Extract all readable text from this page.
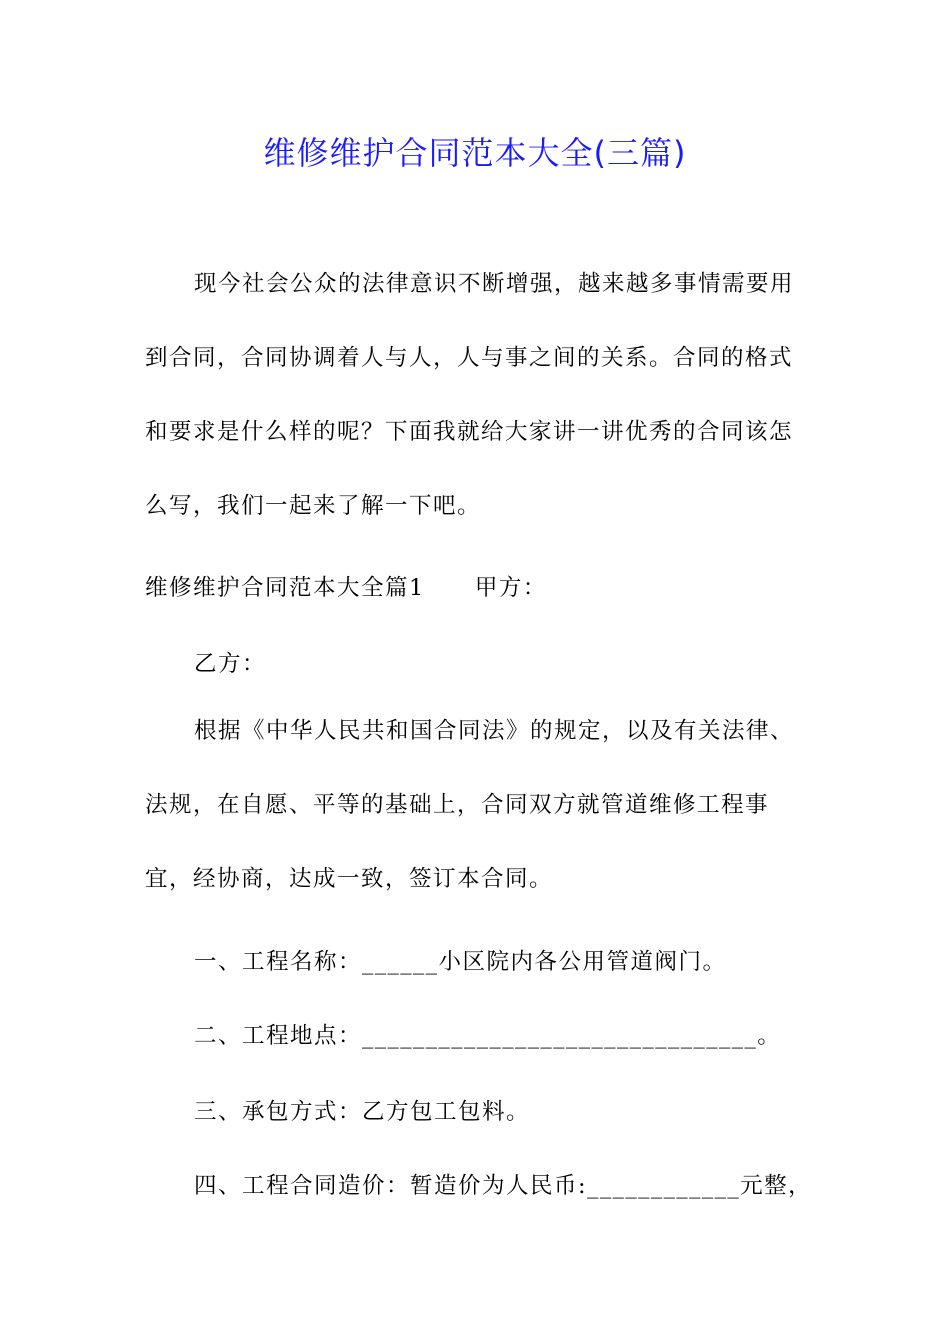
维修维护合同范本大全(三篇)

现今社会公众的法律意识不断增强，越来越多事情需要用到合同，合同协调着人与人，人与事之间的关系。合同的格式和要求是什么样的呢？下面我就给大家讲一讲优秀的合同该怎么写，我们一起来了解一下吧。

维修维护合同范本大全篇1 甲方：
乙方：

根据《中华人民共和国合同法》的规定，以及有关法律、法规，在自愿、平等的基础上，合同双方就管道维修工程事宜，经协商，达成一致，签订本合同。

一、工程名称：______小区院内各公用管道阀门。
二、工程地点：_______________________________。
三、承包方式：乙方包工包料。
四、工程合同造价：暂造价为人民币:____________元整，
